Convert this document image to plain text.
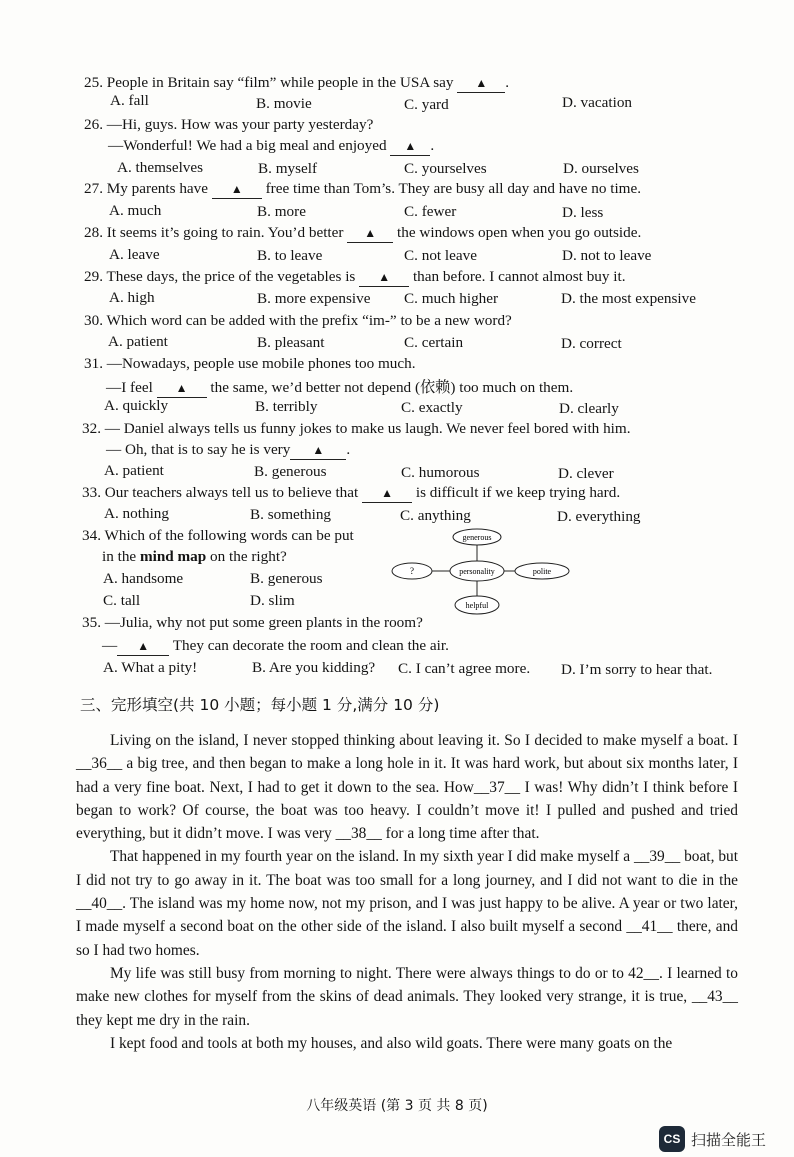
25. People in Britain say “film” while people in the USA say ▲ .
A. fall	B. movie	C. yard	D. vacation
26. —Hi, guys. How was your party yesterday?
—Wonderful! We had a big meal and enjoyed ▲ .
A. themselves	B. myself	C. yourselves	D. ourselves
27. My parents have ▲ free time than Tom’s. They are busy all day and have no time.
A. much	B. more	C. fewer	D. less
28. It seems it’s going to rain. You’d better ▲ the windows open when you go outside.
A. leave	B. to leave	C. not leave	D. not to leave
29. These days, the price of the vegetables is ▲ than before. I cannot almost buy it.
A. high	B. more expensive C. much higher	D. the most expensive
30. Which word can be added with the prefix “im-” to be a new word?
A. patient	B. pleasant	C. certain	D. correct
31. —Nowadays, people use mobile phones too much.
—I feel ▲ the same, we’d better not depend (依赖) too much on them.
A. quickly	B. terribly	C. exactly	D. clearly
32. — Daniel always tells us funny jokes to make us laugh. We never feel bored with him.
— Oh, that is to say he is very ▲ .
A. patient	B. generous	C. humorous	D. clever
33. Our teachers always tell us to believe that ▲ is difficult if we keep trying hard.
A. nothing	B. something	C. anything	D. everything
34. Which of the following words can be put
in the mind map on the right?
A. handsome	B. generous
C. tall	D. slim
generous
personality
?	polite
helpful
35. —Julia, why not put some green plants in the room?
— ▲ They can decorate the room and clean the air.
A. What a pity!	B. Are you kidding? C. I can’t agree more. D. I’m sorry to hear that.
三、完形填空(共 10 小题；每小题 1 分,满分 10 分)

Living on the island, I never stopped thinking about leaving it. So I decided to make myself a boat. I __36__ a big tree, and then began to make a long hole in it. It was hard work, but about six months later, I had a very fine boat. Next, I had to get it down to the sea. How__37__ I was! Why didn’t I think before I began to work? Of course, the boat was too heavy. I couldn’t move it! I pulled and pushed and tried everything, but it didn’t move. I was very __38__ for a long time after that.

That happened in my fourth year on the island. In my sixth year I did make myself a __39__ boat, but I did not try to go away in it. The boat was too small for a long journey, and I did not want to die in the __40__. The island was my home now, not my prison, and I was just happy to be alive. A year or two later, I made myself a second boat on the other side of the island. I also built myself a second __41__ there, and so I had two homes.

My life was still busy from morning to night. There were always things to do or to 42__. I learned to make new clothes for myself from the skins of dead animals. They looked very strange, it is true, __43__ they kept me dry in the rain.

I kept food and tools at both my houses, and also wild goats. There were many goats on the

八年级英语 (第 3 页 共 8 页)
CS 扫描全能王
